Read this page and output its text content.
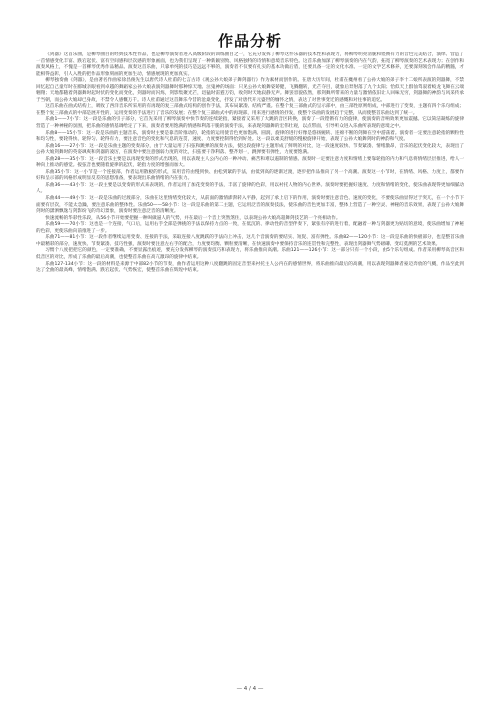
作品分析

《剑器》这首乐曲，是柳琴曲目的经典技术性作品，也是柳琴演奏者进入高级阶段的训练曲目之一，它充分发挥了柳琴这件乐器的技术性和表现力，将柳琴明亮清脆和铿锵有力的音色完美结合，演绎、营造了一首情感变化丰富、跌宕起伏、富有空间感和层次感的形象画面，也为我们呈现了一种新颖别致、风格独特的诗情和意境音乐特色。这首乐曲加深了柳琴演奏的内在气韵，拓宽了柳琴演奏的艺术表现力；在创作和演奏风格上，不愧是一首柳琴优秀作品精品。演奏这首乐曲，只靠单纯的技巧是远远不够的，演奏者不仅要有扎实的基本功做后盾，还要具备一定的文化水准、一定的文学艺术修养，还要深刻领会作品的精髓，才能相得益彰，引人入胜的把作品形象刻画的更加生动，情感展现的更加真实。

柳琴独奏曲《剑器》，是由著名作曲家徐昌俊先生以唐代诗人杜甫的七言古诗《观公孙大娘弟子舞剑器行》作为素材而创作的。在唐大历年间，杜甫在夔州看了公孙大娘的弟子李十二娘所表演的剑器舞，不禁回忆起自己童年时在郾城亲眼看到卓越的舞蹈家公孙大娘表演剑器舞时那种惊天地、泣鬼神的场面：只见公孙大娘舞姿矫健，飞腾翻转，光芒夺目，就象后羿射落了九个太阳；恰似天上群仙驾驭着蛟龙飞舞在云端翱翔；天地都随着剑器舞时起时伏的变化而变化，剑器时而闪烁，剑影集聚光芒，迅猛时雷霆万钧，收剑时天地寂静无声。舞罢容貌依然，那剑舞所带来的力量与激情依旧让人回味无穷，剑器舞的神韵与风采传承于当朝，而公孙大娘却已身故，不禁令人感慨万千。诗人杜甫通过这首舞乐今昔的沧桑变化，抒发了对唐代开元盛世的缅怀之情，表达了对世事变迁的感慨和对往事的追忆。

这首乐曲在曲式结构上，吸收了西洋音乐所采用的有再现的复三部曲式结构的创作手法，其布局紧凑、结构严谨。在整个复三部曲式的呈示部中，由三部性原则组成，中部进行了变奏，主题有四个乐句组成；在整个复三部曲式的中部是展开性的，运用变奏的手法进行了音乐的发展；在整个复三部曲式中的再现部，用来进行感情的抒发，使整个乐曲的发展趋于完整，从而使整首乐曲达到了统一。

乐曲1——7小节：这一段是乐曲的引子部分，它首先采用了柳琴演奏中快节奏的连续轮指，紧接着又采用了大跳的音区转换，演奏了一段铿锵有力的旋律，使演奏的音响效果更加震撼。它以简洁凝练的旋律营造了一种神秘的氛围，把乐曲的感情基调给定了下来，演奏者要用饱满的情感和利落干脆的演奏手法，来表现剑器舞的宏伟壮观，以点带面，引导听众进入乐曲所表现的意境之中。

乐曲8——15小节：这一段是乐曲的主题音乐，演奏时主要是靠音阶推动的，轮指的运用使音色更加饱满、圆润，旋律的进行好像是悠扬婉转、连绵不断的剑舞在空中游荡着。演奏者一定要注意轮指的颗粒性和均匀性，要轮得快、轮得匀、轮得有力，要注意音色的变化和气息的连贯，速度、力度要控制得恰到好处。这一段以柔美舒缓的慢板旋律开始，表现了公孙大娘舞剑时的神韵和气度。

乐曲16——27小节：这一段是乐曲主题的变奏部分，由于大量运用了扫弦和跳弹的演奏方法，使这段旋律与主题形成了鲜明的对比，这一段速度较快、节奏紧凑、情绪激昂，音乐的起伏变化较大，表现出了公孙大娘剑舞时的英姿飒爽和剑器的凌厉，在演奏中要注意强弱力度的对比，扫弦要干净利落、整齐划一，跳弹要有弹性，力度要饱满。

乐曲28——35小节：这一段音乐主要是以再现变奏的形式出现的，用以表现主人公内心的一种冲动、痛苦和难以遏制的情感。演奏时一定要注意力度和情绪上要靠轮指的内力和气息将情绪层层推进，给人一种向上推动的感觉。扳弦音也要随着旋律的起伏，轮指力度的增强而加大。

乐曲35小节：这一小节是一个连接部，作者运用散板的形式，采用音符由慢到快、由松到紧的手法，由低到高的逐渐过渡，逐步把作品推向了另一个高潮。演奏这一小节时，在情绪、风格、力度上，都要作好和呈示部的风格形成明显反差的思想准备，要表现出乐曲情绪的内在张力。

乐曲36——43小节：这一段主要是以变奏的形式来表现的，作者运用了加花变奏的手法，丰富了旋律的色彩，用以衬托人物的内心世界。演奏时要把握好速度、力度和情绪的变化，使乐曲表现得更加细腻动人。

乐曲44——49小节：这一段是乐曲的过渡部分，乐曲在这里情绪变化较大，从前面的激情澎湃转入平静，起到了承上启下的作用，演奏时要注意音色、速度的变化，不要使乐曲显得过于突兀，在一个小节下面要有层次，不能太急躁，要注意乐曲的整体性。乐曲50——58小节：这一段是乐曲的第二主题，它运用泛音的演奏技法，使乐曲的音色更加丰富，整体上营造了一种空灵、神秘的音乐效果，表现了公孙大娘舞剑时的潇洒飘逸与剑影纷飞的奇幻景象，演奏时要注意泛音的清晰度。

快速流畅的华彩性乐段，从56小节开始要把握一种叫做逼人的气势，并在最后一个音上突然煞住，以表现公孙大娘高超舞剑技艺的一个亮相动作。

乐曲59——70小节：这也是一个连接，气口后，运用右手全部是弹挑的手法以保持力点的一致，在低沉的、律动性的音型伴奏下，紧张有序的进行着，配融着一种与剑器更为贴切的意境，使乐曲增加了神秘的色彩，更使乐曲向前推进了一步。

乐曲71——81小节：这一段作者继续运用变奏、连接的手法，采取连接八度跳跃的手法向上冲击，这几个音演奏的要结实、短促、富有弹性。乐曲82——120小节：这一段是乐曲的快板部分，也是整首乐曲中最精彩的部分，速度快、节奏紧凑、技巧性强，演奏时要注意左右手的配合，力度要均衡、颗粒要清晰，在快速演奏中要保持音乐的连贯性和完整性，表现出剑器舞气势磅礴、变幻莫测的艺术效果。

习惯个八度把把它的颜色，一定要准确，不要显露出痕迹，要充分发挥柳琴的演奏技巧和表现力，将乐曲推向高潮。乐曲121——126小节：这一部分只有一个小段，由5个乐句组成。作者采用柳琴高音区和低音区的对比，形成了乐曲的最后高潮，也使整首乐曲在高亢激昂的旋律中结束。

乐曲127-134小节：这一段的材料是来源于中部82小节的节奏，曲作者运用这种八度翻跳的固定音型来衬托主人公内在的感情世界，将乐曲推向最后的高潮，用以表现剑器舞者豪迈奔放的气概，作品至此到达了全曲的最高峰，情绪饱满、跌宕起伏、气势恢宏，使整首乐曲在辉煌中结束。

— 4 / 4 —
